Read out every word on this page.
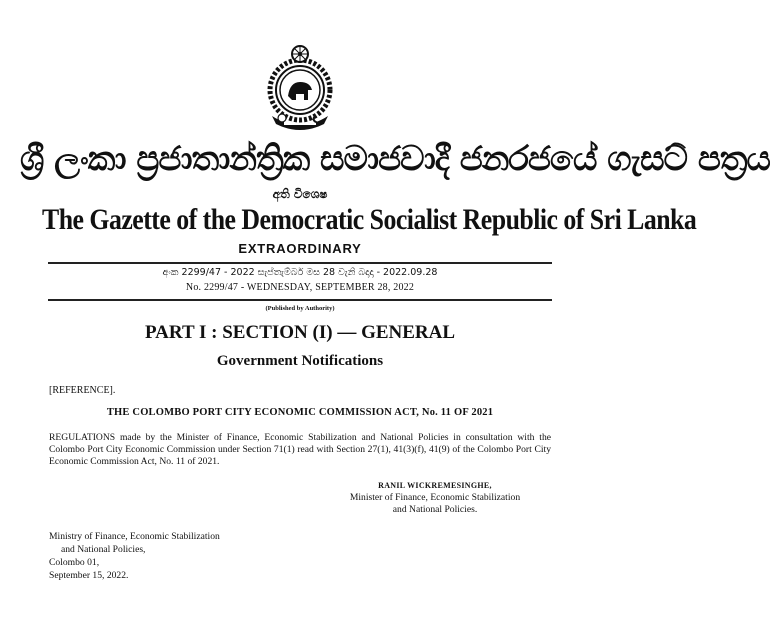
ශ්‍රී ලංකා ප්‍රජාතාන්ත්‍රික සමාජවාදී ජනරජයේ ගැසට් පත්‍රය
අති විශෙෂ
The Gazette of the Democratic Socialist Republic of Sri Lanka
EXTRAORDINARY
අංක 2299/47 - 2022 සැප්තැම්බර් මස 28 වැනි බදාදා - 2022.09.28
No. 2299/47 - WEDNESDAY, SEPTEMBER 28, 2022
(Published by Authority)
PART I : SECTION (I) — GENERAL
Government Notifications
[REFERENCE].
THE COLOMBO PORT CITY ECONOMIC COMMISSION ACT, No. 11 OF 2021
REGULATIONS made by the Minister of Finance, Economic Stabilization and National Policies in consultation with the Colombo Port City Economic Commission under Section 71(1) read with Section 27(1), 41(3)(f), 41(9) of the Colombo Port City Economic Commission Act, No. 11 of 2021.
RANIL WICKREMESINGHE,
Minister of Finance, Economic Stabilization
and National Policies.
Ministry of Finance, Economic Stabilization
and National Policies,
Colombo 01,
September 15, 2022.
